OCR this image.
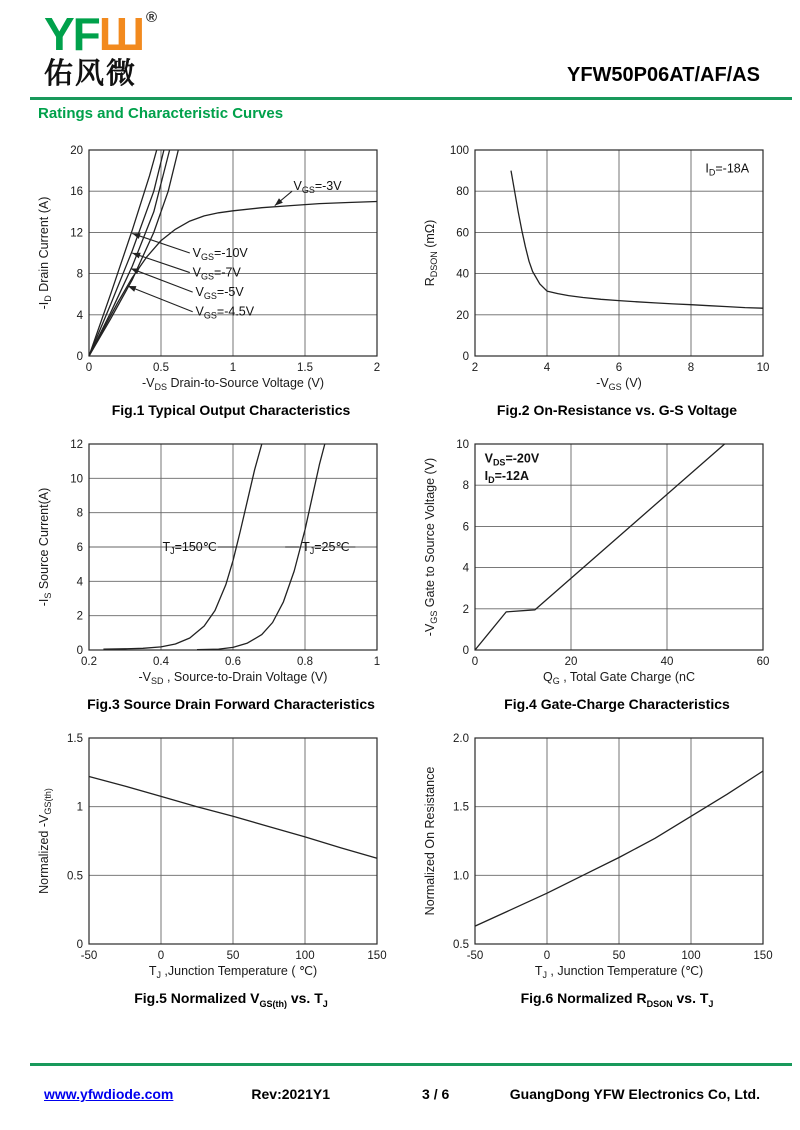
YFШ ®
佑风微	YFW50P06AT/AF/AS
Ratings and Characteristic Curves
0	0.5	1	1.5	2
0
4
8
12
16
20
-VDS Drain-to-Source Voltage (V)
-ID Drain Current (A)
VGS=-3V
VGS=-10V
VGS=-7V
VGS=-5V
VGS=-4.5V
Fig.1 Typical Output Characteristics
2	4	6	8	10
0
20
40
60
80
100
-VGS (V)
RDSON (mΩ)
ID=-18A
Fig.2 On-Resistance vs. G-S Voltage
0.2	0.4	0.6	0.8	1
0
2
4
6
8
10
12
-VSD , Source-to-Drain Voltage (V)
-IS Source Current(A)	TJ=150℃	TJ=25℃
Fig.3 Source Drain Forward Characteristics
0	20	40	60
0
2
4
6
8
10
QG , Total Gate Charge (nC
-VGS Gate to Source Voltage (V)	VDS=-20V
ID=-12A
Fig.4 Gate-Charge Characteristics
-50	0	50	100	150
0
0.5
1
1.5
TJ ,Junction Temperature ( ℃)
Normalized -VGS(th)
Fig.5 Normalized $V_{GS(th)}$ vs. $T_J$
-50	0	50	100	150
0.5
1.0
1.5
2.0
TJ , Junction Temperature (℃)
Normalized On Resistance
Fig.6 Normalized $R_{DSON}$ vs. $T_J$
www.yfwdiode.com	Rev:2021Y1	3 / 6	GuangDong YFW Electronics Co, Ltd.
